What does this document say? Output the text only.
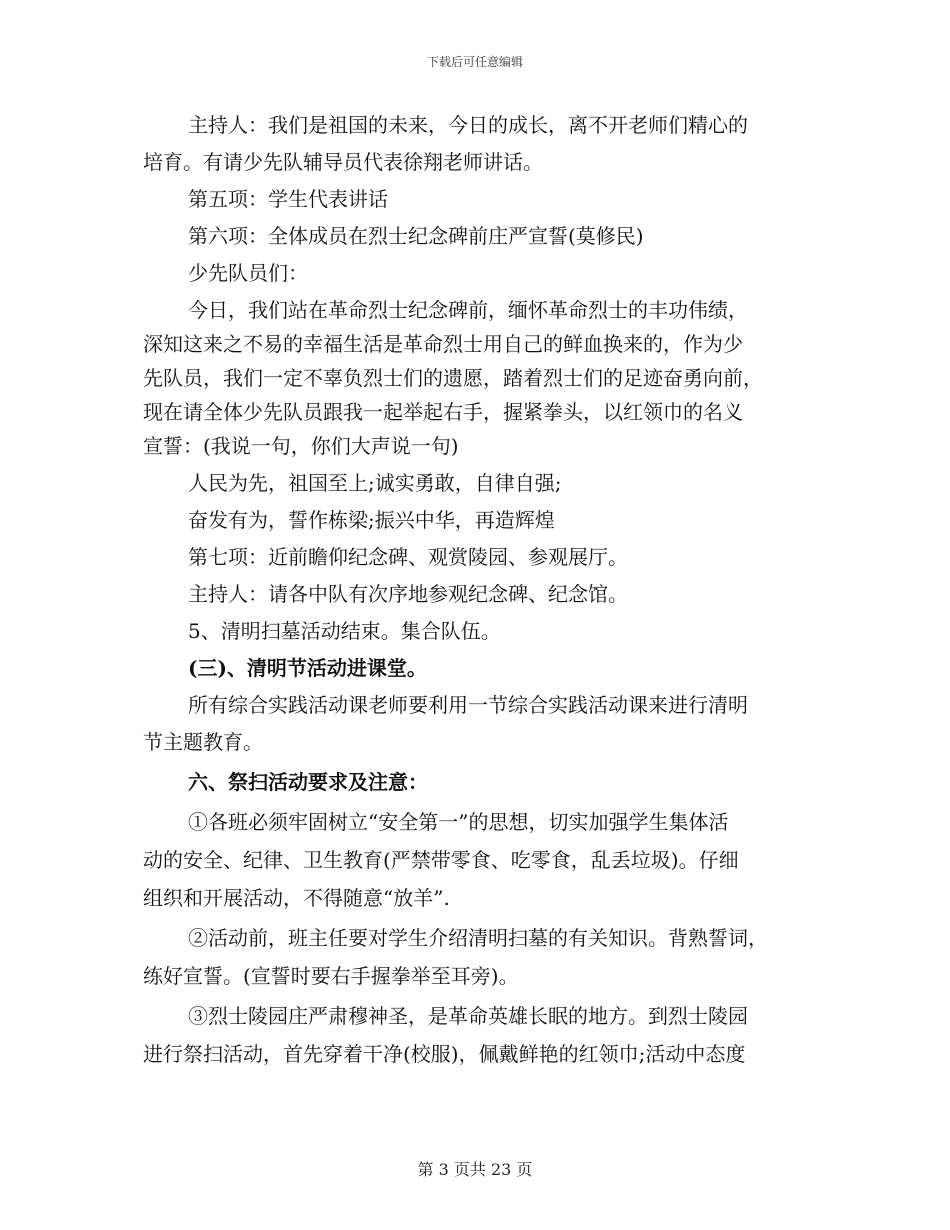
下载后可任意编辑

主持人：我们是祖国的未来，今日的成长，离不开老师们精心的

培育。有请少先队辅导员代表徐翔老师讲话。

第五项：学生代表讲话

第六项：全体成员在烈士纪念碑前庄严宣誓(莫修民)

少先队员们：

今日，我们站在革命烈士纪念碑前，缅怀革命烈士的丰功伟绩，

深知这来之不易的幸福生活是革命烈士用自己的鲜血换来的，作为少

先队员，我们一定不辜负烈士们的遗愿，踏着烈士们的足迹奋勇向前，

现在请全体少先队员跟我一起举起右手，握紧拳头，以红领巾的名义

宣誓：(我说一句，你们大声说一句)

人民为先，祖国至上;诚实勇敢，自律自强;

奋发有为，誓作栋梁;振兴中华，再造辉煌

第七项：近前瞻仰纪念碑、观赏陵园、参观展厅。

主持人：请各中队有次序地参观纪念碑、纪念馆。

5、清明扫墓活动结束。集合队伍。

(三)、清明节活动进课堂。

所有综合实践活动课老师要利用一节综合实践活动课来进行清明

节主题教育。

六、祭扫活动要求及注意：

①各班必须牢固树立“安全第一”的思想，切实加强学生集体活

动的安全、纪律、卫生教育(严禁带零食、吃零食，乱丢垃圾)。仔细

组织和开展活动，不得随意“放羊”.

②活动前，班主任要对学生介绍清明扫墓的有关知识。背熟誓词，

练好宣誓。(宣誓时要右手握拳举至耳旁)。

③烈士陵园庄严肃穆神圣，是革命英雄长眠的地方。到烈士陵园

进行祭扫活动，首先穿着干净(校服)，佩戴鲜艳的红领巾;活动中态度

第 3 页共 23 页
